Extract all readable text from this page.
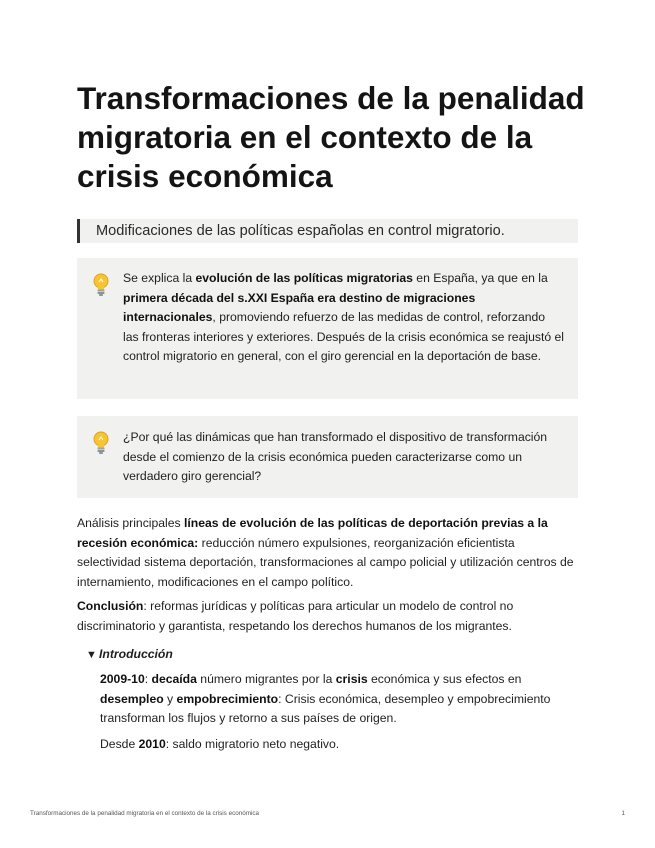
Transformaciones de la penalidad migratoria en el contexto de la crisis económica
Modificaciones de las políticas españolas en control migratorio.
Se explica la evolución de las políticas migratorias en España, ya que en la primera década del s.XXI España era destino de migraciones internacionales, promoviendo refuerzo de las medidas de control, reforzando las fronteras interiores y exteriores. Después de la crisis económica se reajustó el control migratorio en general, con el giro gerencial en la deportación de base.
¿Por qué las dinámicas que han transformado el dispositivo de transformación desde el comienzo de la crisis económica pueden caracterizarse como un verdadero giro gerencial?

Análisis principales líneas de evolución de las políticas de deportación previas a la recesión económica: reducción número expulsiones, reorganización eficientista selectividad sistema deportación, transformaciones al campo policial y utilización centros de internamiento, modificaciones en el campo político.

Conclusión: reformas jurídicas y políticas para articular un modelo de control no discriminatorio y garantista, respetando los derechos humanos de los migrantes.

▼ Introducción

2009-10: decaída número migrantes por la crisis económica y sus efectos en desempleo y empobrecimiento: Crisis económica, desempleo y empobrecimiento transforman los flujos y retorno a sus países de origen.

Desde 2010: saldo migratorio neto negativo.

Transformaciones de la penalidad migratoria en el contexto de la crisis económica	1
